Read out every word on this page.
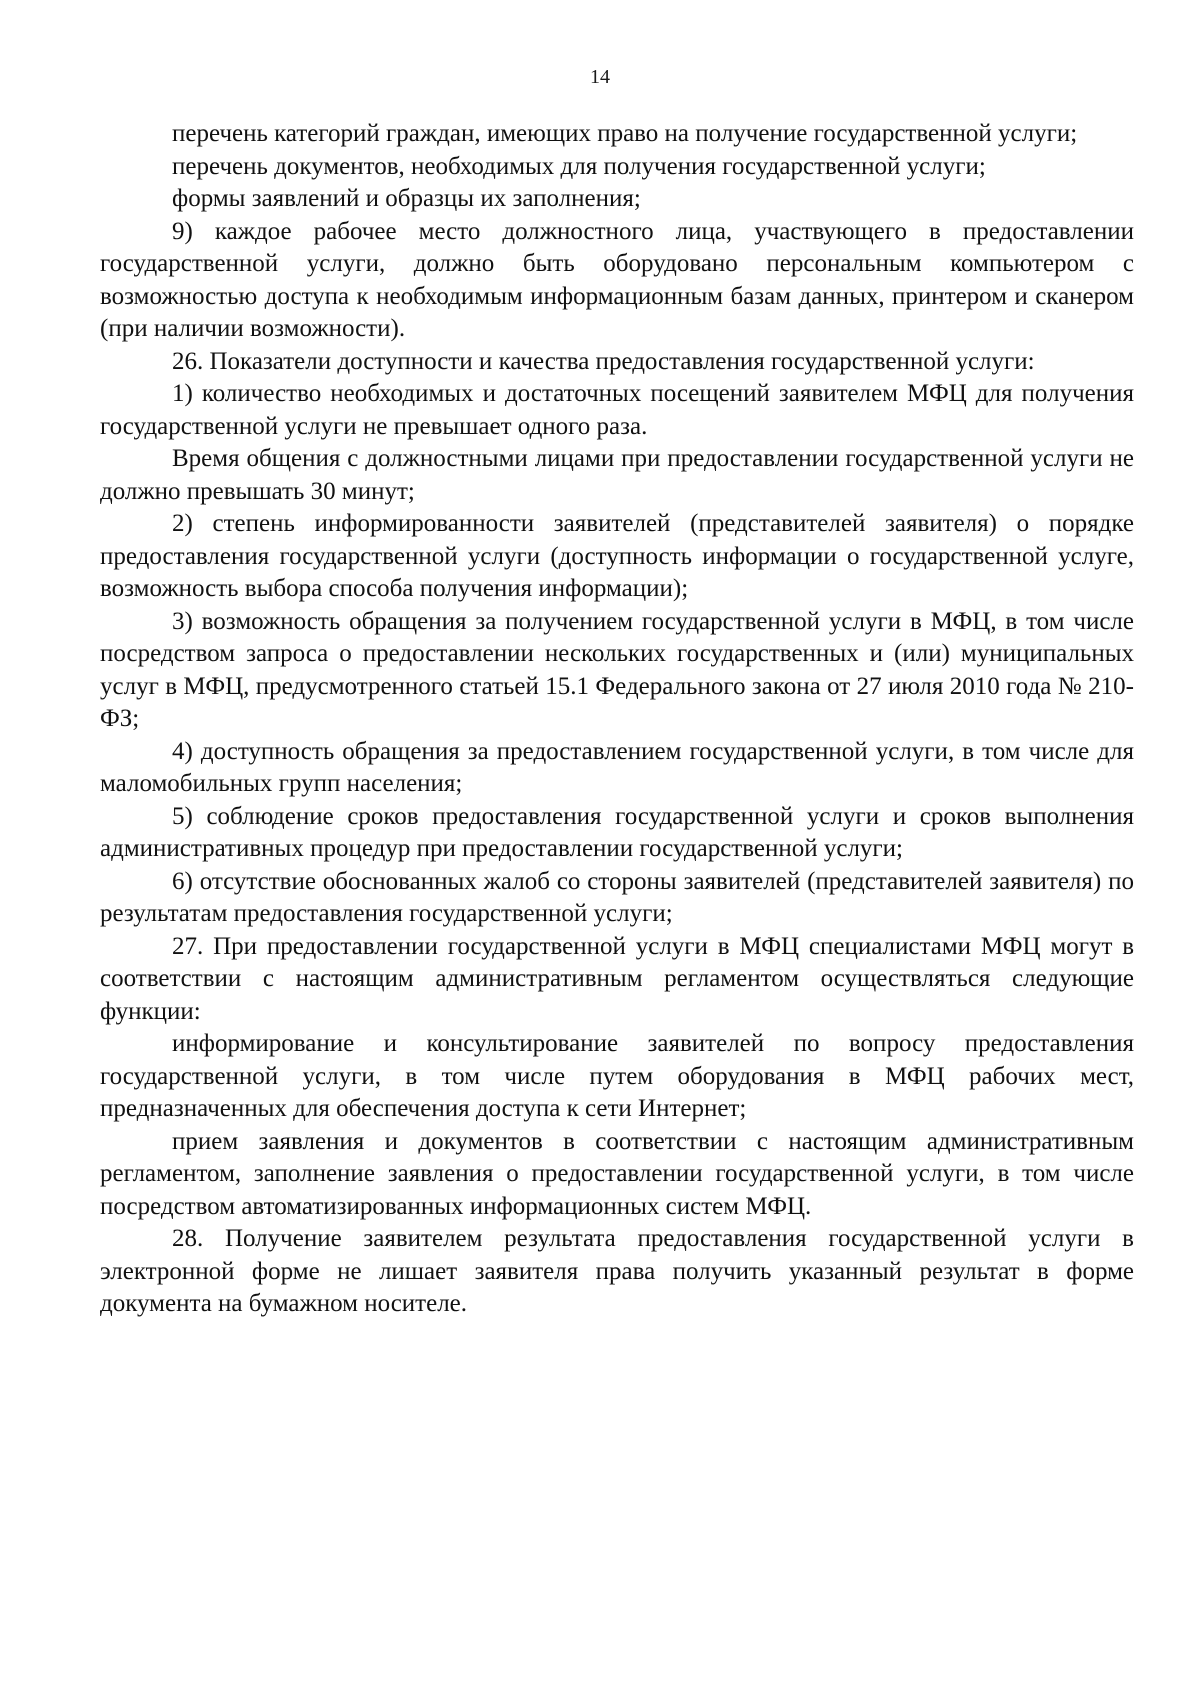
14

перечень категорий граждан, имеющих право на получение государственной услуги;

перечень документов, необходимых для получения государственной услуги;

формы заявлений и образцы их заполнения;

9) каждое рабочее место должностного лица, участвующего в предоставлении государственной услуги, должно быть оборудовано персональным компьютером с возможностью доступа к необходимым информационным базам данных, принтером и сканером (при наличии возможности).

26. Показатели доступности и качества предоставления государственной услуги:

1) количество необходимых и достаточных посещений заявителем МФЦ для получения государственной услуги не превышает одного раза.

Время общения с должностными лицами при предоставлении государственной услуги не должно превышать 30 минут;

2) степень информированности заявителей (представителей заявителя) о порядке предоставления государственной услуги (доступность информации о государственной услуге, возможность выбора способа получения информации);

3) возможность обращения за получением государственной услуги в МФЦ, в том числе посредством запроса о предоставлении нескольких государственных и (или) муниципальных услуг в МФЦ, предусмотренного статьей 15.1 Федерального закона от 27 июля 2010 года № 210-ФЗ;

4) доступность обращения за предоставлением государственной услуги, в том числе для маломобильных групп населения;

5) соблюдение сроков предоставления государственной услуги и сроков выполнения административных процедур при предоставлении государственной услуги;

6) отсутствие обоснованных жалоб со стороны заявителей (представителей заявителя) по результатам предоставления государственной услуги;

27. При предоставлении государственной услуги в МФЦ специалистами МФЦ могут в соответствии с настоящим административным регламентом осуществляться следующие функции:

информирование и консультирование заявителей по вопросу предоставления государственной услуги, в том числе путем оборудования в МФЦ рабочих мест, предназначенных для обеспечения доступа к сети Интернет;

прием заявления и документов в соответствии с настоящим административным регламентом, заполнение заявления о предоставлении государственной услуги, в том числе посредством автоматизированных информационных систем МФЦ.

28. Получение заявителем результата предоставления государственной услуги в электронной форме не лишает заявителя права получить указанный результат в форме документа на бумажном носителе.
